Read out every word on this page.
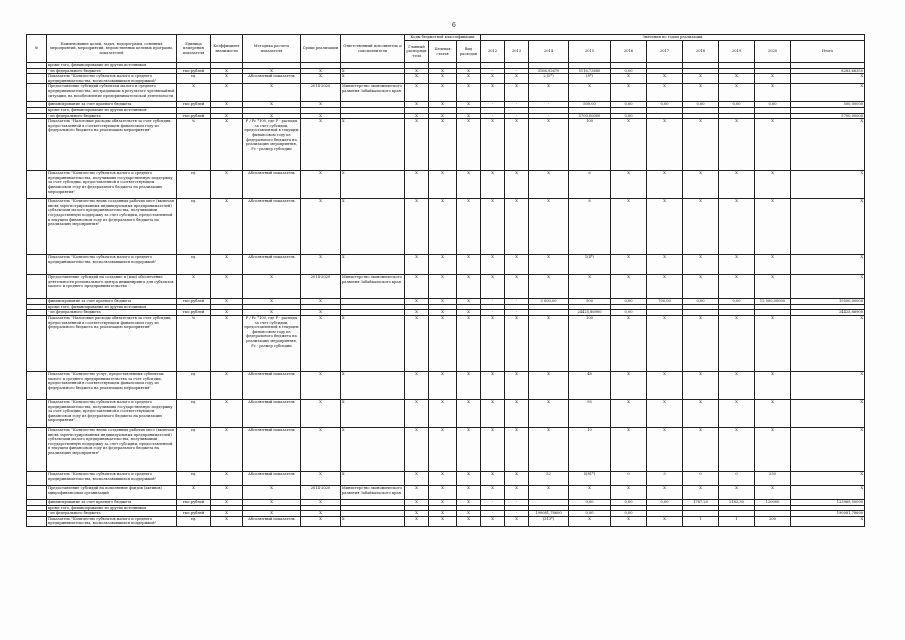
6
№	Наименование целей, задач, подпрограмм, основных мероприятий, мероприятий, ведомственных целевых программ, показателей	Единица измерения показателя	Коэффициент значимости	Методика расчета показателя	Сроки реализации	Ответственный исполнитель и соисполнители	Коды бюджетной классификации			Значения по годам реализации									
							Главный распоряди-тель	Целевая статья	Вид расходов	2012	2013	2014	2015	2016	2017	2018	2019	2020	Итого
	кроме того, финансирование из других источников																		
	- из федерального бюджета	тыс.рублей	Х	Х	Х	Х	Х	Х	Х	-	-	3166,92670	5116,73680	0,00					8283,66350
	Показатель "Количество субъектов малого и среднего предпринимательства, воспользовавшихся поддержкой"	ед.	Х	Абсолютный показатель	Х	Х	Х	Х	Х	Х	Х	2 (5*)	(8*)	Х	Х	Х	Х	Х	Х
	Предоставление субсидий субъектам малого и среднего предпринимательства, пострадавшим в результате чрезвычайной ситуации, на возобновление предпринимательской деятельности	Х	Х	Х	2014-2020	Министерство экономического развития Забайкальского края	Х	Х	Х	Х	Х	Х	Х	Х	Х	Х	Х	Х	Х
	финансирование за счет краевого бюджета	тыс.рублей	Х	Х	Х		Х	Х	Х	-	-	-	500,00	0,00	0,00	0,00	0,00	0,00	500,00000
	кроме того, финансирование из других источников:																		
	- из федерального бюджета	тыс.рублей	Х	Х	Х		Х	Х	Х	-	-	-	5700,00000	0,00					5700,00000
	Показатель "Налоговые расходы обязательств за счет субсидии, предоставленной в соответствующем финансовом году из федерального бюджета на реализацию мероприятия"	%	Х	P / Pc *100, где P - расходы за счет субсидии, предоставленной в текущем финансовом году из федерального бюджета на реализацию мероприятия, Pc - размер субсидии	Х	Х	Х	Х	Х	Х	Х	Х	100	Х	Х	Х	Х	Х	Х
	Показатель "Количество субъектов малого и среднего предпринимательства, получивших государственную поддержку за счет субсидии, предоставленной в соответствующем финансовом году из федерального бюджета на реализацию мероприятия"	ед.	Х	Абсолютный показатель	Х	Х	Х	Х	Х	Х	Х	Х	6	Х	Х	Х	Х	Х	Х
	Показатель "Количество вновь созданных рабочих мест (включая вновь зарегистрированных индивидуальных предпринимателей) субъектами малого предпринимательства, получившими государственную поддержку за счет субсидии, предоставленной в текущем финансовом году из федерального бюджета на реализацию мероприятия"	ед.	Х	Абсолютный показатель	Х	Х	Х	Х	Х	Х	Х	Х	8	Х	Х	Х	Х	Х	Х
	Показатель "Количество субъектов малого и среднего предпринимательства, воспользовавшихся поддержкой"	ед.	Х	Абсолютный показатель	Х	Х	Х	Х	Х	Х	Х	Х	1(4*)	Х	Х	Х	Х	Х	Х
	Предоставление субсидий на создание и (или) обеспечение деятельности регионального центра инжиниринга для субъектов малого и среднего предпринимательства	Х	Х	Х	2014-2020	Министерство экономического развития Забайкальского края	Х	Х	Х	Х	Х	Х	Х	Х	Х	Х	Х	Х	Х
	финансирование за счет краевого бюджета	тыс.рублей	Х	Х	Х		Х	Х	Х	-	-	5 000,00	500	0,00	700,00	0,00	0,00	12 500,00000	19500,00000
	кроме того, финансирование из других источников																		
	- из федерального бюджета	тыс.рублей	Х	Х	Х		Х	Х	Х	-	-		24425,86900	0,00					24425,86900
	Показатель "Налоговые расходы обязательств за счет субсидии, предоставленной в соответствующем финансовом году из федерального бюджета на реализацию мероприятия"	%	Х	P / Pc *100, где P - расходы за счет субсидии, предоставленной в текущем финансовом году из федерального бюджета на реализацию мероприятия, Pc - размер субсидии	Х	Х	Х	Х	Х	Х	Х	Х	100	Х	Х	Х	Х	Х	Х
	Показатель "Количество услуг, предоставленных субъектам малого и среднего предпринимательства за счет субсидии, предоставленной в соответствующем финансовом году из федерального бюджета на реализацию мероприятия"	ед.	Х	Абсолютный показатель	Х	Х	Х	Х	Х	Х	Х	Х	48	Х	Х	Х	Х	Х	Х
	Показатель "Количество субъектов малого и среднего предпринимательства, получивших государственную поддержку за счет субсидии, предоставленной в соответствующем финансовом году из федерального бюджета на реализацию мероприятия"	ед.	Х	Абсолютный показатель	Х	Х	Х	Х	Х	Х	Х	Х	95	Х	Х	Х	Х	Х	Х
	Показатель "Количество вновь созданных рабочих мест (включая вновь зарегистрированных индивидуальных предпринимателей) субъектами малого предпринимательства, получившими государственную поддержку за счет субсидии, предоставленной в текущем финансовом году из федерального бюджета на реализацию мероприятия"	ед.	Х	Абсолютный показатель	Х	Х	Х	Х	Х	Х	Х	Х	10	Х	Х	Х	Х	Х	Х
	Показатель "Количество субъектов малого и среднего предпринимательства, воспользовавшихся поддержкой"	ед.	Х	Абсолютный показатель	Х	Х	Х	Х	Х	Х	Х	52	5(81*)	0	3	0	0	230	Х
	Предоставление субсидий на пополнение фондов (активов) микрофинансовых организаций	Х	Х	Х	2014-2020	Министерство экономического развития Забайкальского края	Х	Х	Х	Х	Х	Х	Х	Х	Х	Х	Х	Х	Х
	финансирование за счет краевого бюджета	тыс.рублей	Х	Х	Х		Х	Х	Х	-	-		0,00	0,00	0,00	1787,20	2182,30	120000	123969,50000
	кроме того, финансирование из других источников																		
	- из федерального бюджета	тыс.рублей	Х	Х	Х		Х	Х	Х	-	-	190081,78600	0,00	0,00					190081,78600
	Показатель "Количество субъектов малого и среднего предпринимательства, воспользовавшихся поддержкой"	ед.	Х	Абсолютный показатель	Х	Х	Х	Х	Х	Х	Х	(313*)	Х	Х	Х	1	1	200	Х
